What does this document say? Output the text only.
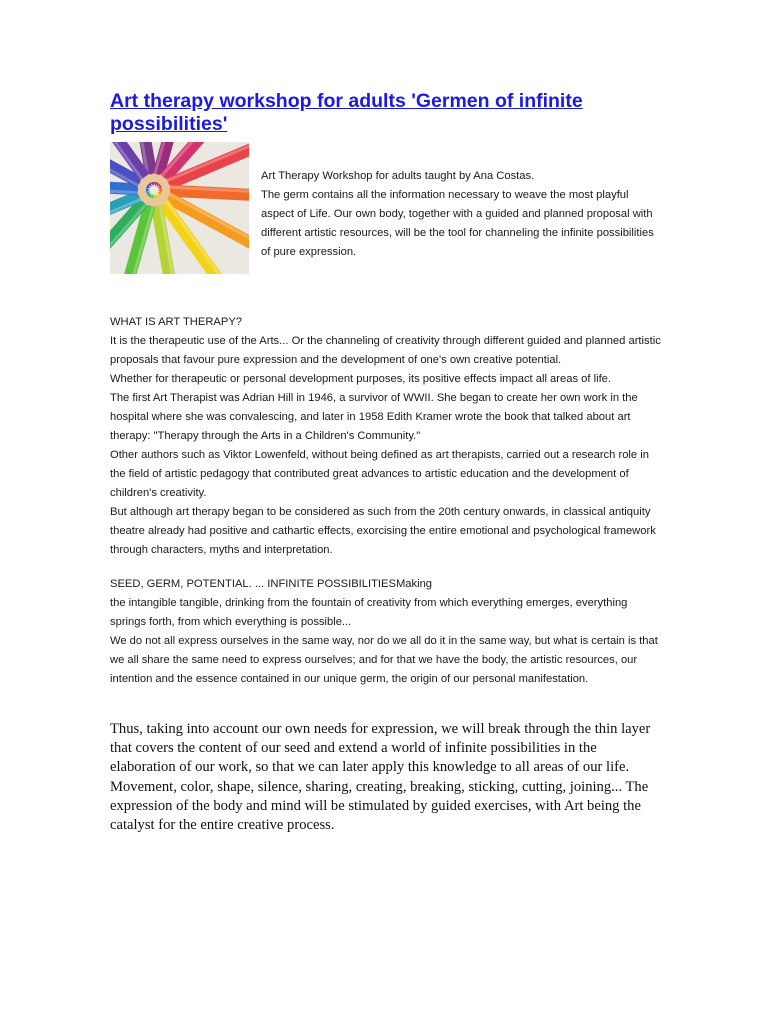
Art therapy workshop for adults 'Germen of infinite possibilities'
Art Therapy Workshop for adults taught by Ana Costas.
The germ contains all the information necessary to weave the most playful aspect of Life. Our own body, together with a guided and planned proposal with different artistic resources, will be the tool for channeling the infinite possibilities of pure expression.

WHAT IS ART THERAPY?

It is the therapeutic use of the Arts... Or the channeling of creativity through different guided and planned artistic proposals that favour pure expression and the development of one's own creative potential.

Whether for therapeutic or personal development purposes, its positive effects impact all areas of life.

The first Art Therapist was Adrian Hill in 1946, a survivor of WWII. She began to create her own work in the hospital where she was convalescing, and later in 1958 Edith Kramer wrote the book that talked about art therapy: "Therapy through the Arts in a Children's Community."

Other authors such as Viktor Lowenfeld, without being defined as art therapists, carried out a research role in the field of artistic pedagogy that contributed great advances to artistic education and the development of children's creativity.

But although art therapy began to be considered as such from the 20th century onwards, in classical antiquity theatre already had positive and cathartic effects, exorcising the entire emotional and psychological framework through characters, myths and interpretation.

SEED, GERM, POTENTIAL. ... INFINITE POSSIBILITIESMaking

the intangible tangible, drinking from the fountain of creativity from which everything emerges, everything springs forth, from which everything is possible...

We do not all express ourselves in the same way, nor do we all do it in the same way, but what is certain is that we all share the same need to express ourselves; and for that we have the body, the artistic resources, our intention and the essence contained in our unique germ, the origin of our personal manifestation.

Thus, taking into account our own needs for expression, we will break through the thin layer that covers the content of our seed and extend a world of infinite possibilities in the elaboration of our work, so that we can later apply this knowledge to all areas of our life.

Movement, color, shape, silence, sharing, creating, breaking, sticking, cutting, joining... The expression of the body and mind will be stimulated by guided exercises, with Art being the catalyst for the entire creative process.
